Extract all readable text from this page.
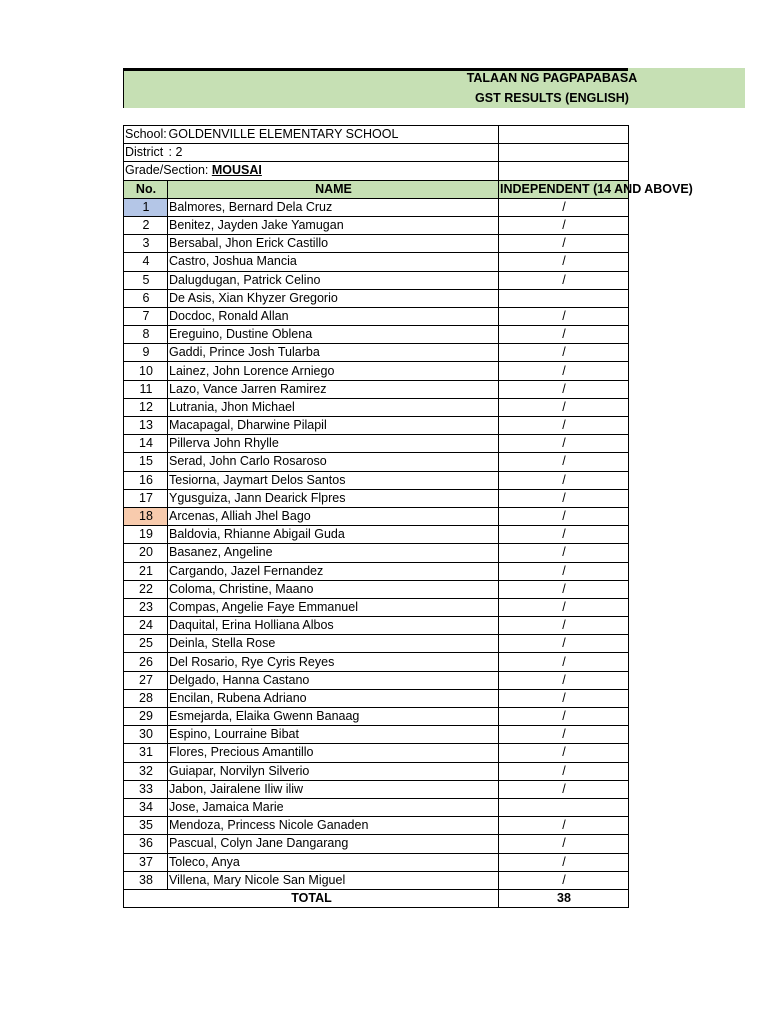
TALAAN NG PAGPAPABASA
GST RESULTS (ENGLISH)
School:	GOLDENVILLE ELEMENTARY SCHOOL	
District	: 2	
Grade/Section: MOUSAI		
No.	NAME	INDEPENDENT (14 AND ABOVE)
1	Balmores, Bernard Dela Cruz	/
2	Benitez, Jayden Jake Yamugan	/
3	Bersabal, Jhon Erick Castillo	/
4	Castro, Joshua Mancia	/
5	Dalugdugan, Patrick Celino	/
6	De Asis, Xian Khyzer Gregorio	
7	Docdoc, Ronald Allan	/
8	Ereguino, Dustine Oblena	/
9	Gaddi, Prince Josh Tularba	/
10	Lainez, John Lorence Arniego	/
11	Lazo, Vance Jarren Ramirez	/
12	Lutrania, Jhon Michael	/
13	Macapagal, Dharwine Pilapil	/
14	Pillerva John Rhylle	/
15	Serad, John Carlo Rosaroso	/
16	Tesiorna, Jaymart Delos Santos	/
17	Ygusguiza, Jann Dearick Flpres	/
18	Arcenas, Alliah Jhel Bago	/
19	Baldovia, Rhianne Abigail Guda	/
20	Basanez, Angeline	/
21	Cargando, Jazel Fernandez	/
22	Coloma, Christine, Maano	/
23	Compas, Angelie Faye Emmanuel	/
24	Daquital, Erina Holliana Albos	/
25	Deinla, Stella Rose	/
26	Del Rosario, Rye Cyris Reyes	/
27	Delgado, Hanna Castano	/
28	Encilan, Rubena Adriano	/
29	Esmejarda, Elaika Gwenn Banaag	/
30	Espino, Lourraine Bibat	/
31	Flores, Precious Amantillo	/
32	Guiapar, Norvilyn Silverio	/
33	Jabon, Jairalene Iliw iliw	/
34	Jose, Jamaica Marie	
35	Mendoza, Princess Nicole Ganaden	/
36	Pascual, Colyn Jane Dangarang	/
37	Toleco, Anya	/
38	Villena, Mary Nicole San Miguel	/
TOTAL		38
